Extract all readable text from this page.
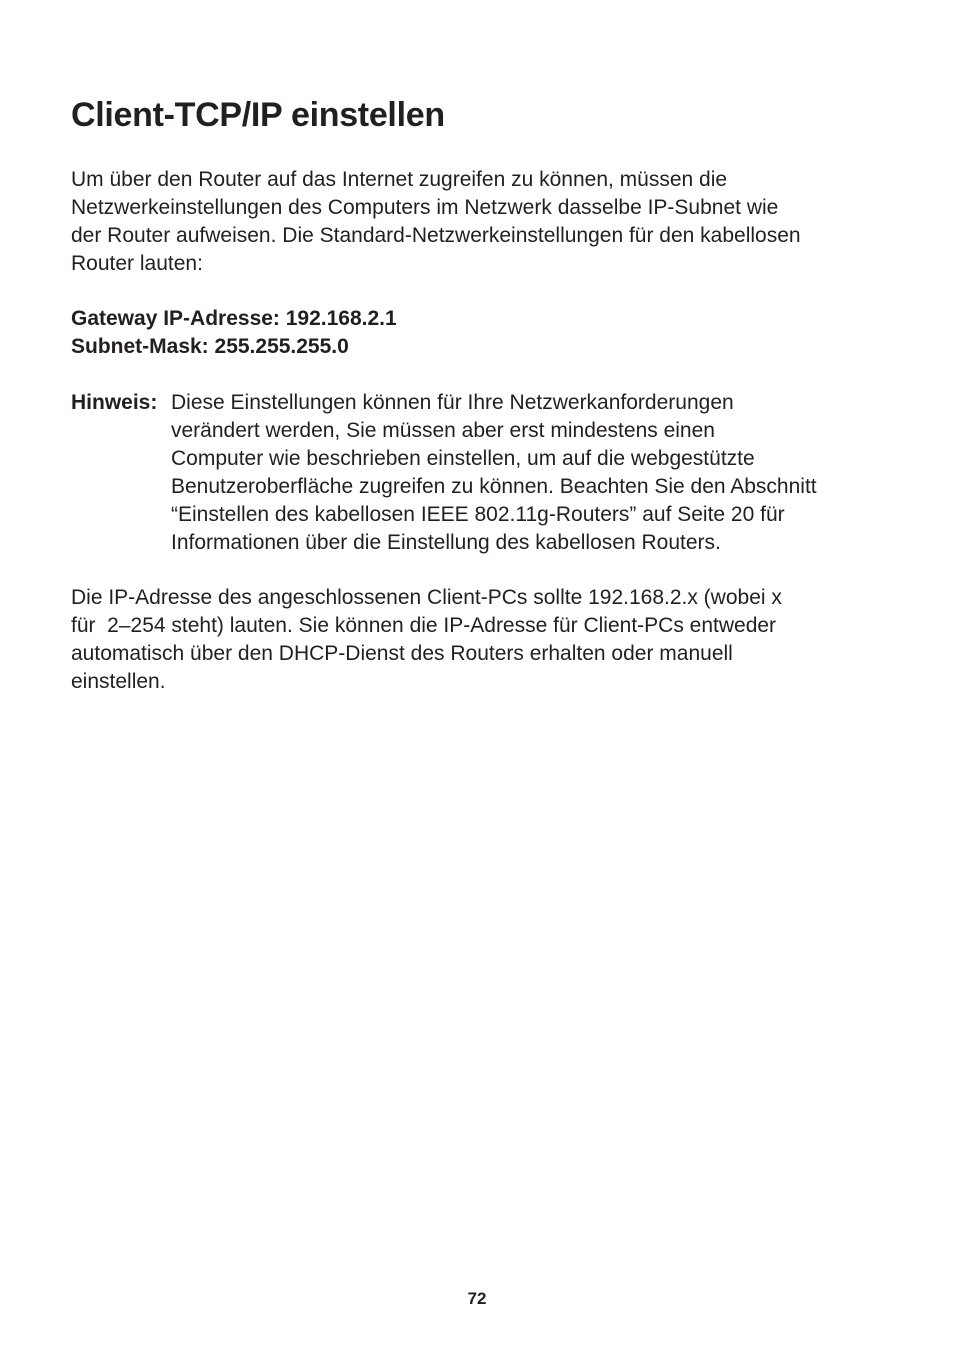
Client-TCP/IP einstellen

Um über den Router auf das Internet zugreifen zu können, müssen die
Netzwerkeinstellungen des Computers im Netzwerk dasselbe IP-Subnet wie
der Router aufweisen. Die Standard-Netzwerkeinstellungen für den kabellosen
Router lauten:

Gateway IP-Adresse: 192.168.2.1
Subnet-Mask: 255.255.255.0

Hinweis: Diese Einstellungen können für Ihre Netzwerkanforderungen
verändert werden, Sie müssen aber erst mindestens einen
Computer wie beschrieben einstellen, um auf die webgestützte
Benutzeroberfläche zugreifen zu können. Beachten Sie den Abschnitt
“Einstellen des kabellosen IEEE 802.11g-Routers” auf Seite 20 für
Informationen über die Einstellung des kabellosen Routers.

Die IP-Adresse des angeschlossenen Client-PCs sollte 192.168.2.x (wobei x
für  2–254 steht) lauten. Sie können die IP-Adresse für Client-PCs entweder
automatisch über den DHCP-Dienst des Routers erhalten oder manuell
einstellen.

72
